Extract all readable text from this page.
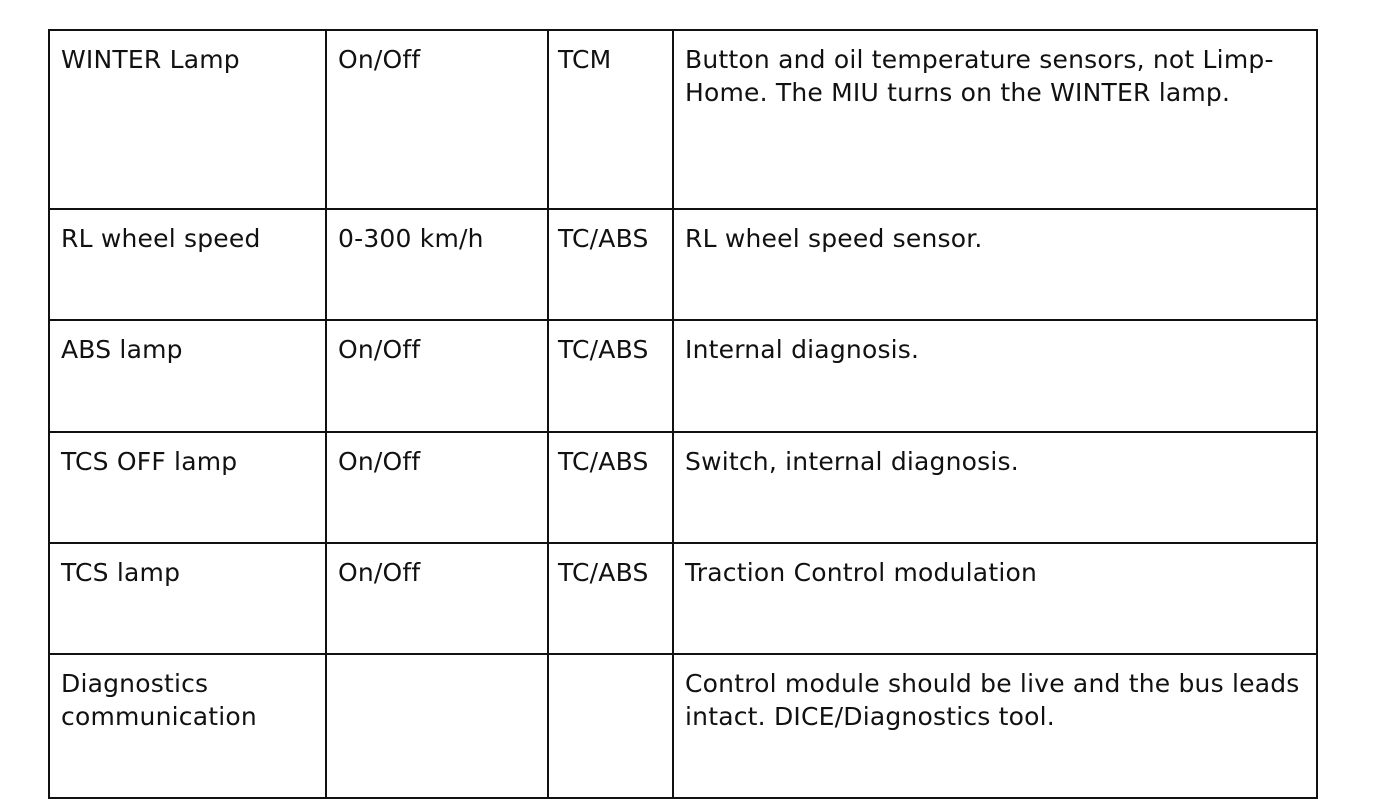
WINTER Lamp	On/Off	TCM	Button and oil temperature sensors, not Limp-Home. The MIU turns on the WINTER lamp.
RL wheel speed	0-300 km/h	TC/ABS	RL wheel speed sensor.
ABS lamp	On/Off	TC/ABS	Internal diagnosis.
TCS OFF lamp	On/Off	TC/ABS	Switch, internal diagnosis.
TCS lamp	On/Off	TC/ABS	Traction Control modulation
Diagnostics communication			Control module should be live and the bus leads intact. DICE/Diagnostics tool.
